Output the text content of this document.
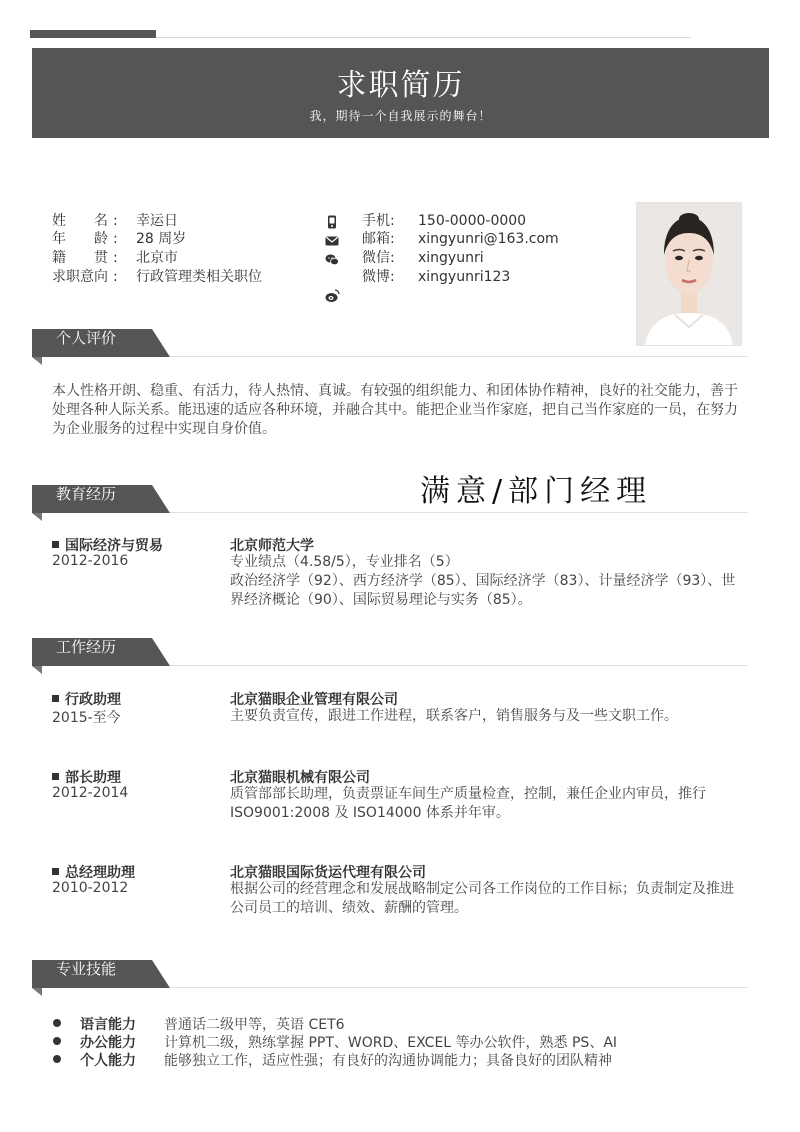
求职简历
我，期待一个自我展示的舞台！
姓　　名 : 幸运日
年　　龄 : 28 周岁
籍　　贯 : 北京市
求职意向 : 行政管理类相关职位
手机: 150-0000-0000
邮箱: xingyunri@163.com
微信: xingyunri
微博: xingyunri123
个人评价
本人性格开朗、稳重、有活力，待人热情、真诚。有较强的组织能力、和团体协作精神，良好的社交能力，善于处理各种人际关系。能迅速的适应各种环境，并融合其中。能把企业当作家庭，把自己当作家庭的一员，在努力为企业服务的过程中实现自身价值。
满意/部门经理
教育经历
国际经济与贸易
2012-2016
北京师范大学
专业绩点（4.58/5），专业排名（5）
政治经济学（92）、西方经济学（85）、国际经济学（83）、计量经济学（93）、世界经济概论（90）、国际贸易理论与实务（85）。
工作经历
行政助理
2015-至今
北京猫眼企业管理有限公司
主要负责宣传，跟进工作进程，联系客户，销售服务与及一些文职工作。
部长助理
2012-2014
北京猫眼机械有限公司
质管部部长助理，负责票证车间生产质量检查，控制，兼任企业内审员，推行 ISO9001:2008 及 ISO14000 体系并年审。
总经理助理
2010-2012
北京猫眼国际货运代理有限公司
根据公司的经营理念和发展战略制定公司各工作岗位的工作目标；负责制定及推进公司员工的培训、绩效、薪酬的管理。
专业技能
语言能力 普通话二级甲等，英语 CET6
办公能力 计算机二级，熟练掌握 PPT、WORD、EXCEL 等办公软件，熟悉 PS、AI
个人能力 能够独立工作，适应性强；有良好的沟通协调能力；具备良好的团队精神
